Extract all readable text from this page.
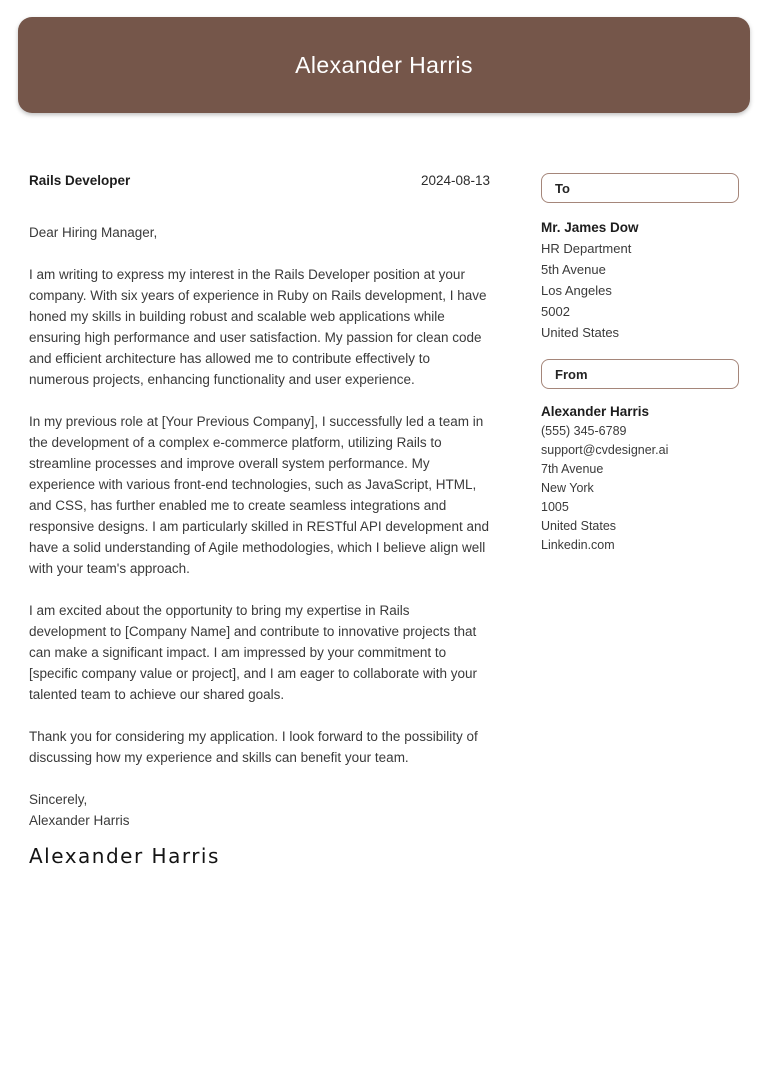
Alexander Harris
Rails Developer	2024-08-13
Dear Hiring Manager,

I am writing to express my interest in the Rails Developer position at your company. With six years of experience in Ruby on Rails development, I have honed my skills in building robust and scalable web applications while ensuring high performance and user satisfaction. My passion for clean code and efficient architecture has allowed me to contribute effectively to numerous projects, enhancing functionality and user experience.

In my previous role at [Your Previous Company], I successfully led a team in the development of a complex e-commerce platform, utilizing Rails to streamline processes and improve overall system performance. My experience with various front-end technologies, such as JavaScript, HTML, and CSS, has further enabled me to create seamless integrations and responsive designs. I am particularly skilled in RESTful API development and have a solid understanding of Agile methodologies, which I believe align well with your team's approach.

I am excited about the opportunity to bring my expertise in Rails development to [Company Name] and contribute to innovative projects that can make a significant impact. I am impressed by your commitment to [specific company value or project], and I am eager to collaborate with your talented team to achieve our shared goals.

Thank you for considering my application. I look forward to the possibility of discussing how my experience and skills can benefit your team.

Sincerely,
Alexander Harris
Alexander Harris
To
Mr. James Dow
HR Department
5th Avenue
Los Angeles
5002
United States
From
Alexander Harris
(555) 345-6789
support@cvdesigner.ai
7th Avenue
New York
1005
United States
Linkedin.com
